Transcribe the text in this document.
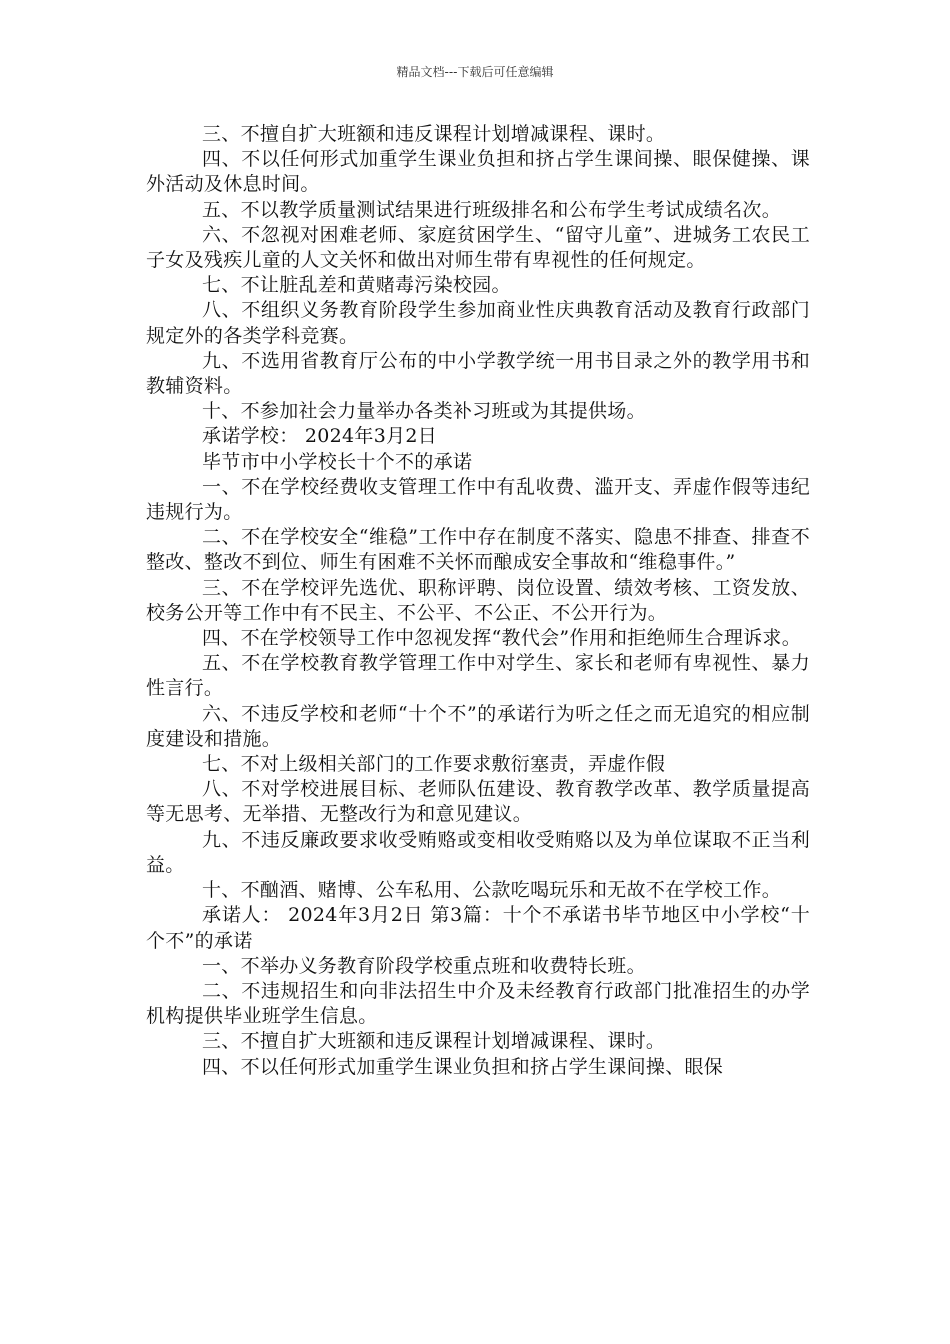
精品文档---下载后可任意编辑

三、不擅自扩大班额和违反课程计划增减课程、课时。

四、不以任何形式加重学生课业负担和挤占学生课间操、眼保健操、课外活动及休息时间。

五、不以教学质量测试结果进行班级排名和公布学生考试成绩名次。

六、不忽视对困难老师、家庭贫困学生、“留守儿童”、进城务工农民工子女及残疾儿童的人文关怀和做出对师生带有卑视性的任何规定。

七、不让脏乱差和黄赌毒污染校园。

八、不组织义务教育阶段学生参加商业性庆典教育活动及教育行政部门规定外的各类学科竞赛。

九、不选用省教育厅公布的中小学教学统一用书目录之外的教学用书和教辅资料。

十、不参加社会力量举办各类补习班或为其提供场。

承诺学校： 2024年3月2日

毕节市中小学校长十个不的承诺

一、不在学校经费收支管理工作中有乱收费、滥开支、弄虚作假等违纪违规行为。

二、不在学校安全“维稳”工作中存在制度不落实、隐患不排查、排查不整改、整改不到位、师生有困难不关怀而酿成安全事故和“维稳事件。”

三、不在学校评先选优、职称评聘、岗位设置、绩效考核、工资发放、校务公开等工作中有不民主、不公平、不公正、不公开行为。

四、不在学校领导工作中忽视发挥“教代会”作用和拒绝师生合理诉求。

五、不在学校教育教学管理工作中对学生、家长和老师有卑视性、暴力性言行。

六、不违反学校和老师“十个不”的承诺行为听之任之而无追究的相应制度建设和措施。

七、不对上级相关部门的工作要求敷衍塞责，弄虚作假

八、不对学校进展目标、老师队伍建设、教育教学改革、教学质量提高等无思考、无举措、无整改行为和意见建议。

九、不违反廉政要求收受贿赂或变相收受贿赂以及为单位谋取不正当利益。

十、不酗酒、赌博、公车私用、公款吃喝玩乐和无故不在学校工作。

承诺人： 2024年3月2日 第3篇：十个不承诺书毕节地区中小学校“十个不”的承诺

一、不举办义务教育阶段学校重点班和收费特长班。

二、不违规招生和向非法招生中介及未经教育行政部门批准招生的办学机构提供毕业班学生信息。

三、不擅自扩大班额和违反课程计划增减课程、课时。

四、不以任何形式加重学生课业负担和挤占学生课间操、眼保
